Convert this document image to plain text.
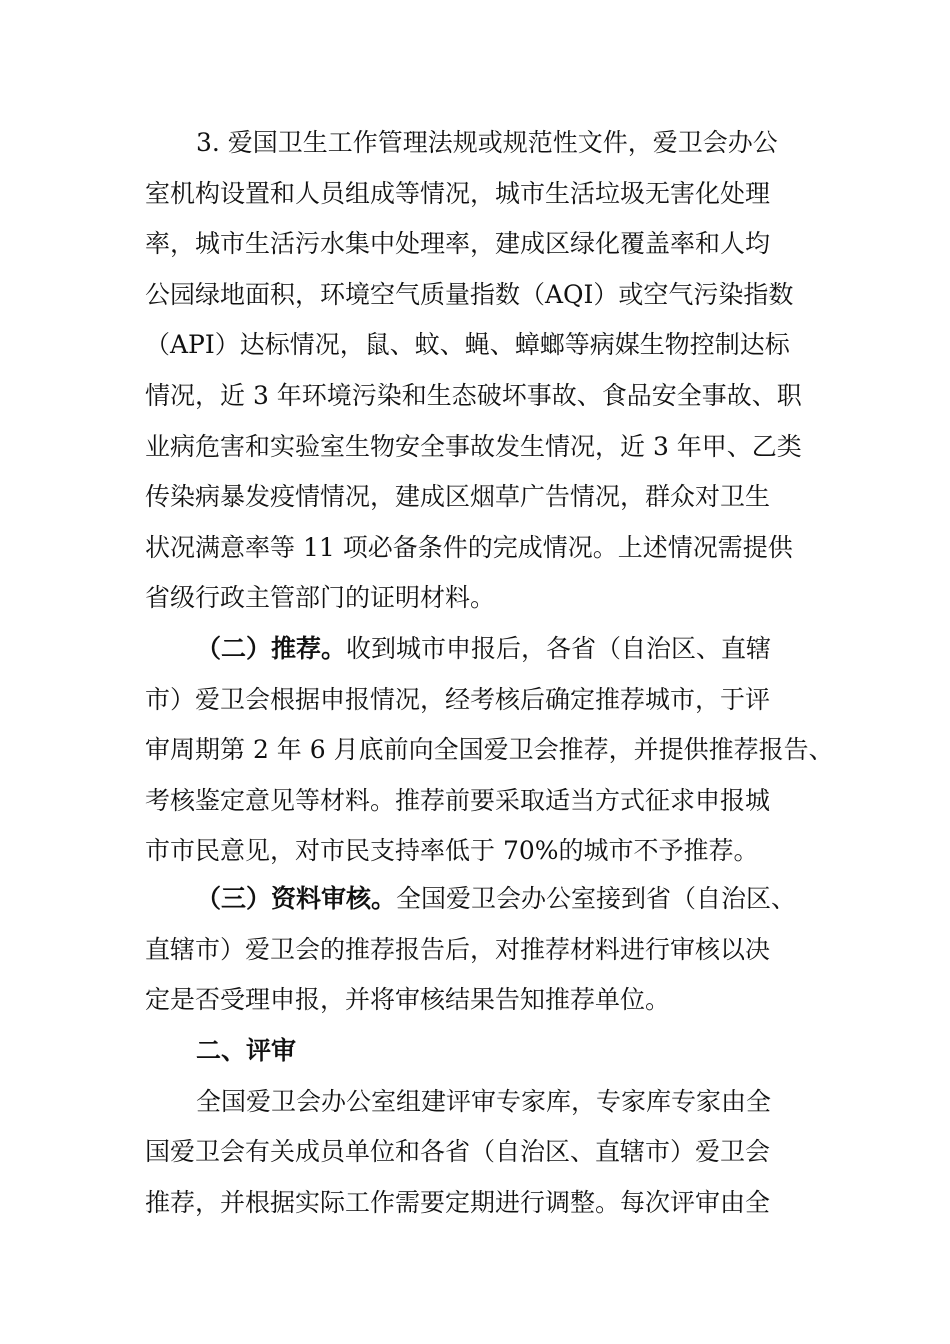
3. 爱国卫生工作管理法规或规范性文件，爱卫会办公

室机构设置和人员组成等情况，城市生活垃圾无害化处理

率，城市生活污水集中处理率，建成区绿化覆盖率和人均

公园绿地面积，环境空气质量指数（AQI）或空气污染指数

（API）达标情况，鼠、蚊、蝇、蟑螂等病媒生物控制达标

情况，近 3 年环境污染和生态破坏事故、食品安全事故、职

业病危害和实验室生物安全事故发生情况，近 3 年甲、乙类

传染病暴发疫情情况，建成区烟草广告情况，群众对卫生

状况满意率等 11 项必备条件的完成情况。上述情况需提供

省级行政主管部门的证明材料。

（二）推荐。收到城市申报后，各省（自治区、直辖

市）爱卫会根据申报情况，经考核后确定推荐城市，于评

审周期第 2 年 6 月底前向全国爱卫会推荐，并提供推荐报告、

考核鉴定意见等材料。推荐前要采取适当方式征求申报城

市市民意见，对市民支持率低于 70%的城市不予推荐。

（三）资料审核。全国爱卫会办公室接到省（自治区、

直辖市）爱卫会的推荐报告后，对推荐材料进行审核以决

定是否受理申报，并将审核结果告知推荐单位。

二、评审

全国爱卫会办公室组建评审专家库，专家库专家由全

国爱卫会有关成员单位和各省（自治区、直辖市）爱卫会

推荐，并根据实际工作需要定期进行调整。每次评审由全
